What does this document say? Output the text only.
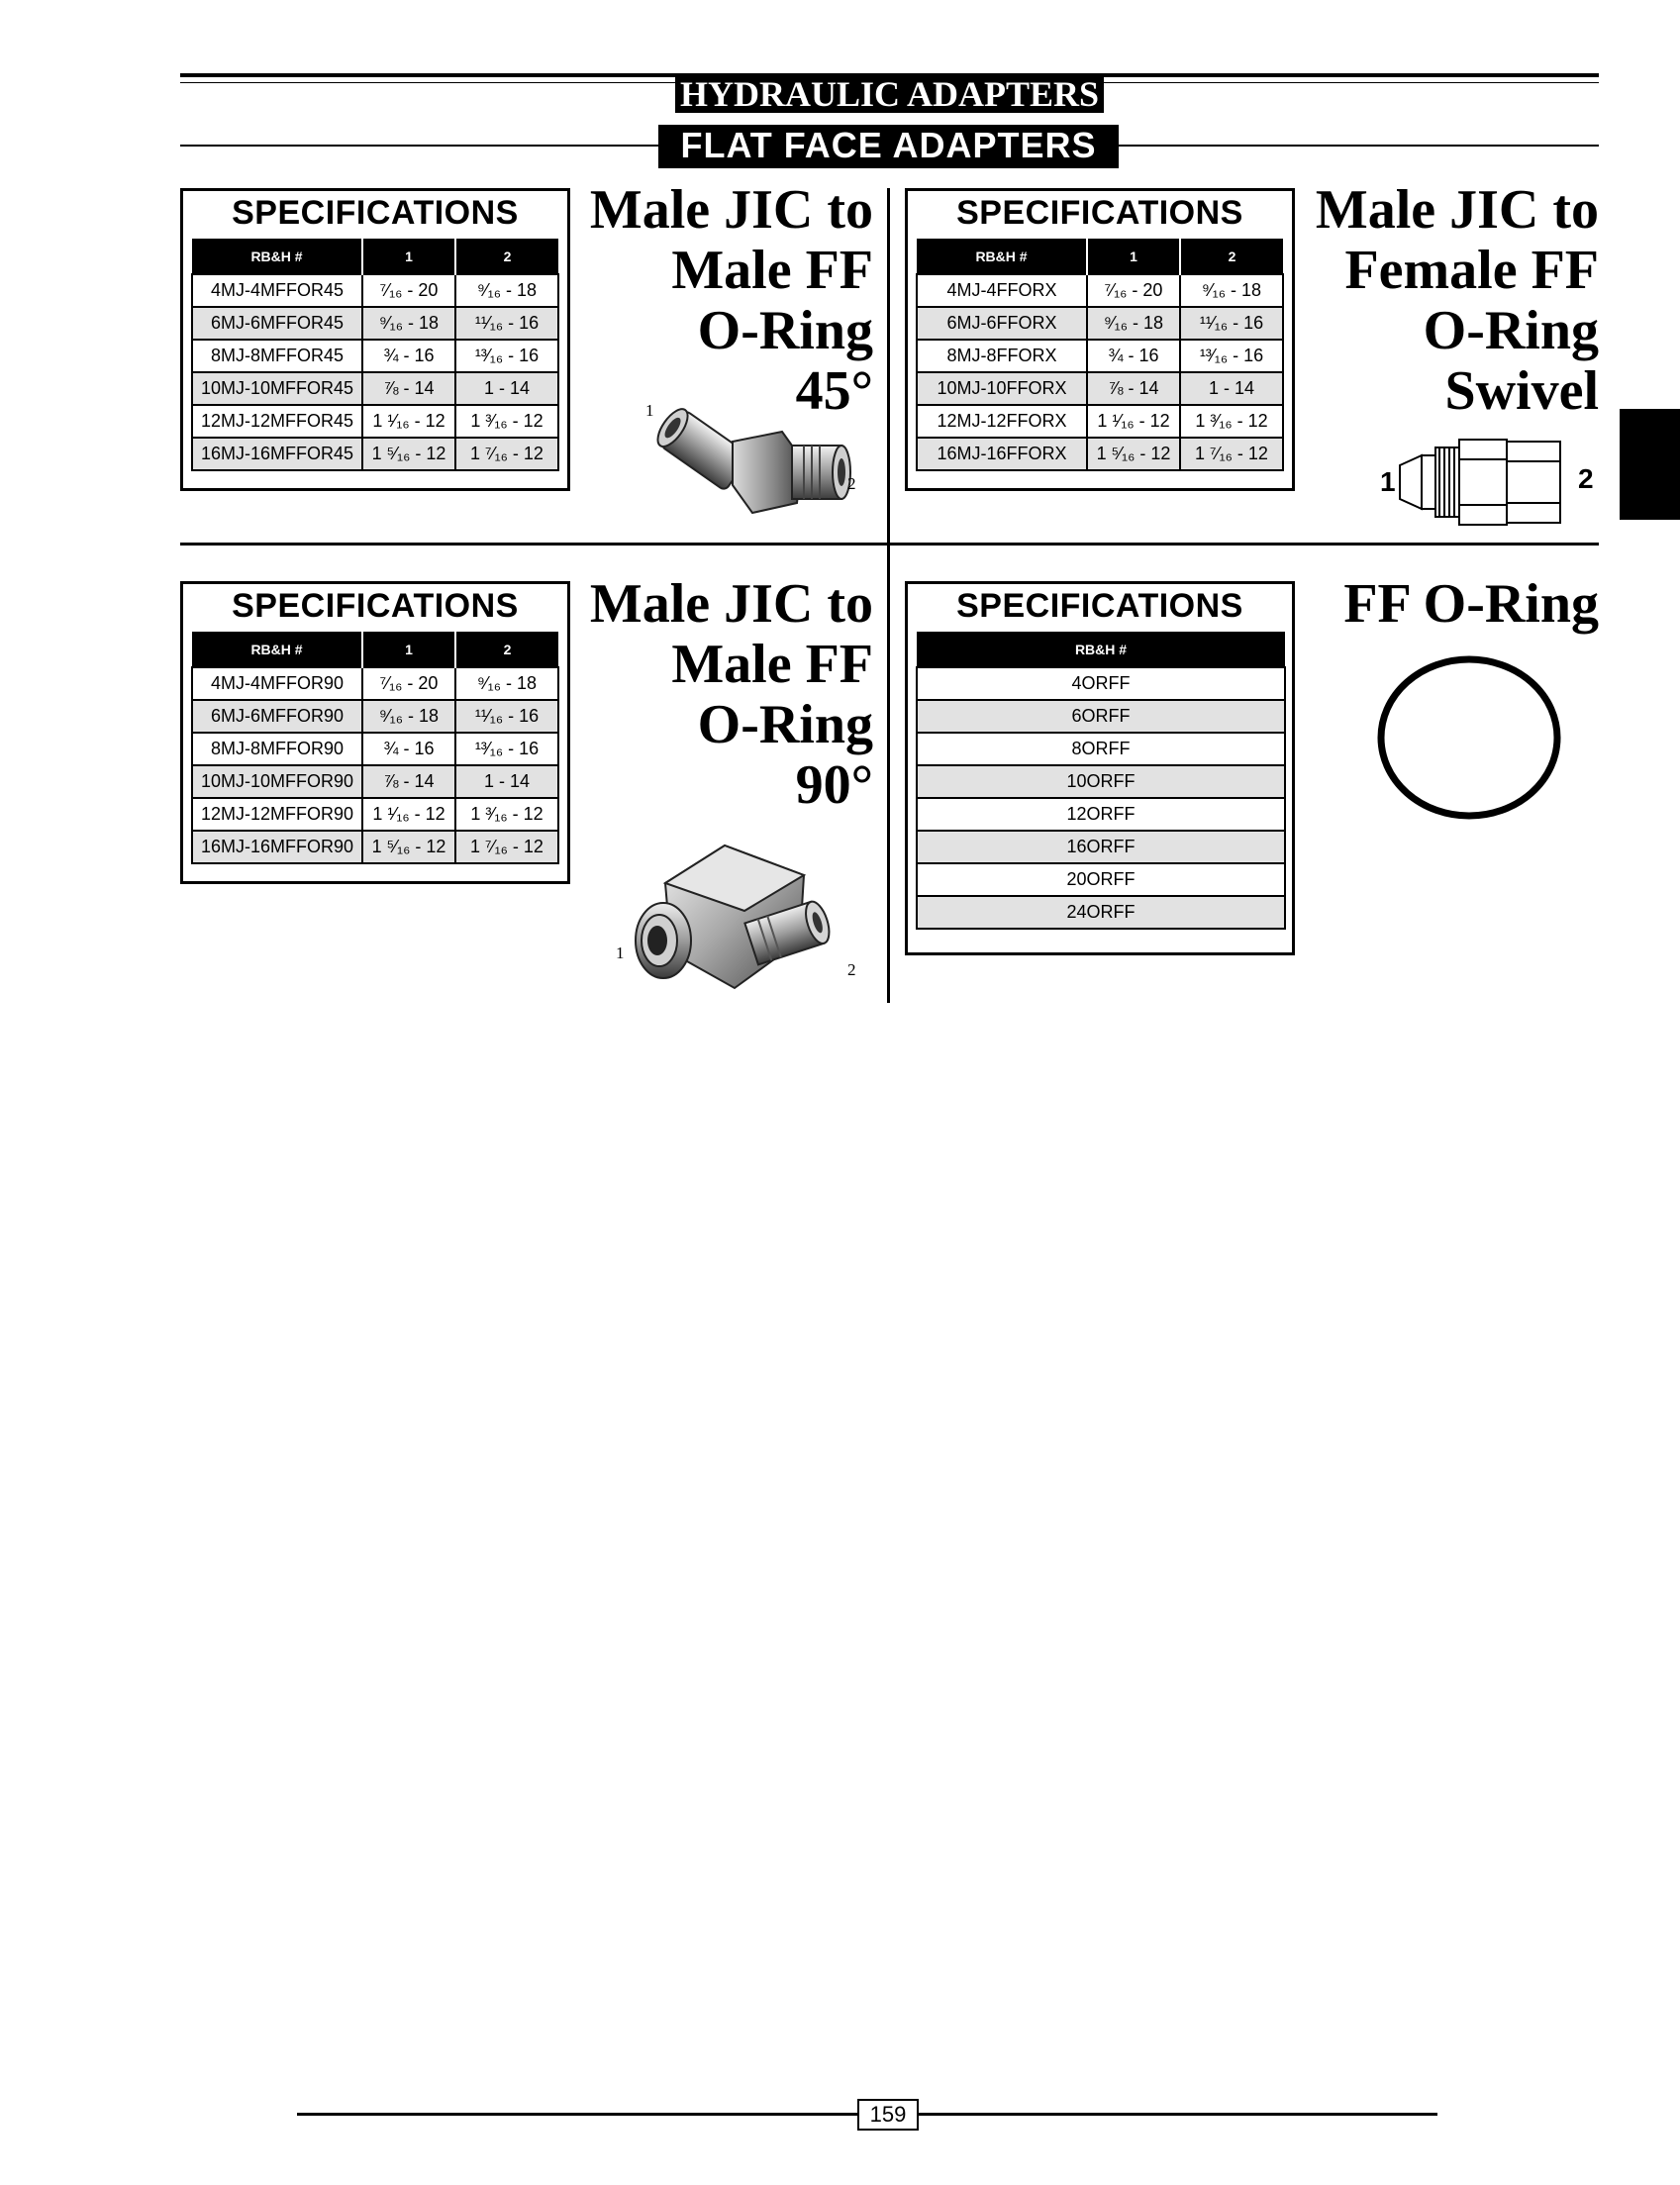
HYDRAULIC ADAPTERS
FLAT FACE ADAPTERS
SPECIFICATIONS
RB&H #	1	2
4MJ-4MFFOR45	⁷⁄₁₆ - 20	⁹⁄₁₆ - 18
6MJ-6MFFOR45	⁹⁄₁₆ - 18	¹¹⁄₁₆ - 16
8MJ-8MFFOR45	¾ - 16	¹³⁄₁₆ - 16
10MJ-10MFFOR45	⅞ - 14	1 - 14
12MJ-12MFFOR45	1 ¹⁄₁₆ - 12	1 ³⁄₁₆ - 12
16MJ-16MFFOR45	1 ⁵⁄₁₆ - 12	1 ⁷⁄₁₆ - 12
Male JIC to
Male FF
O-Ring
45°
1
2
SPECIFICATIONS
RB&H #	1	2
4MJ-4FFORX	⁷⁄₁₆ - 20	⁹⁄₁₆ - 18
6MJ-6FFORX	⁹⁄₁₆ - 18	¹¹⁄₁₆ - 16
8MJ-8FFORX	¾ - 16	¹³⁄₁₆ - 16
10MJ-10FFORX	⅞ - 14	1 - 14
12MJ-12FFORX	1 ¹⁄₁₆ - 12	1 ³⁄₁₆ - 12
16MJ-16FFORX	1 ⁵⁄₁₆ - 12	1 ⁷⁄₁₆ - 12
Male JIC to
Female FF
O-Ring
Swivel
1	2
SPECIFICATIONS
RB&H #	1	2
4MJ-4MFFOR90	⁷⁄₁₆ - 20	⁹⁄₁₆ - 18
6MJ-6MFFOR90	⁹⁄₁₆ - 18	¹¹⁄₁₆ - 16
8MJ-8MFFOR90	¾ - 16	¹³⁄₁₆ - 16
10MJ-10MFFOR90	⅞ - 14	1 - 14
12MJ-12MFFOR90	1 ¹⁄₁₆ - 12	1 ³⁄₁₆ - 12
16MJ-16MFFOR90	1 ⁵⁄₁₆ - 12	1 ⁷⁄₁₆ - 12
Male JIC to
Male FF
O-Ring
90°
1
2
SPECIFICATIONS
RB&H #
4ORFF
6ORFF
8ORFF
10ORFF
12ORFF
16ORFF
20ORFF
24ORFF
FF O-Ring
159
